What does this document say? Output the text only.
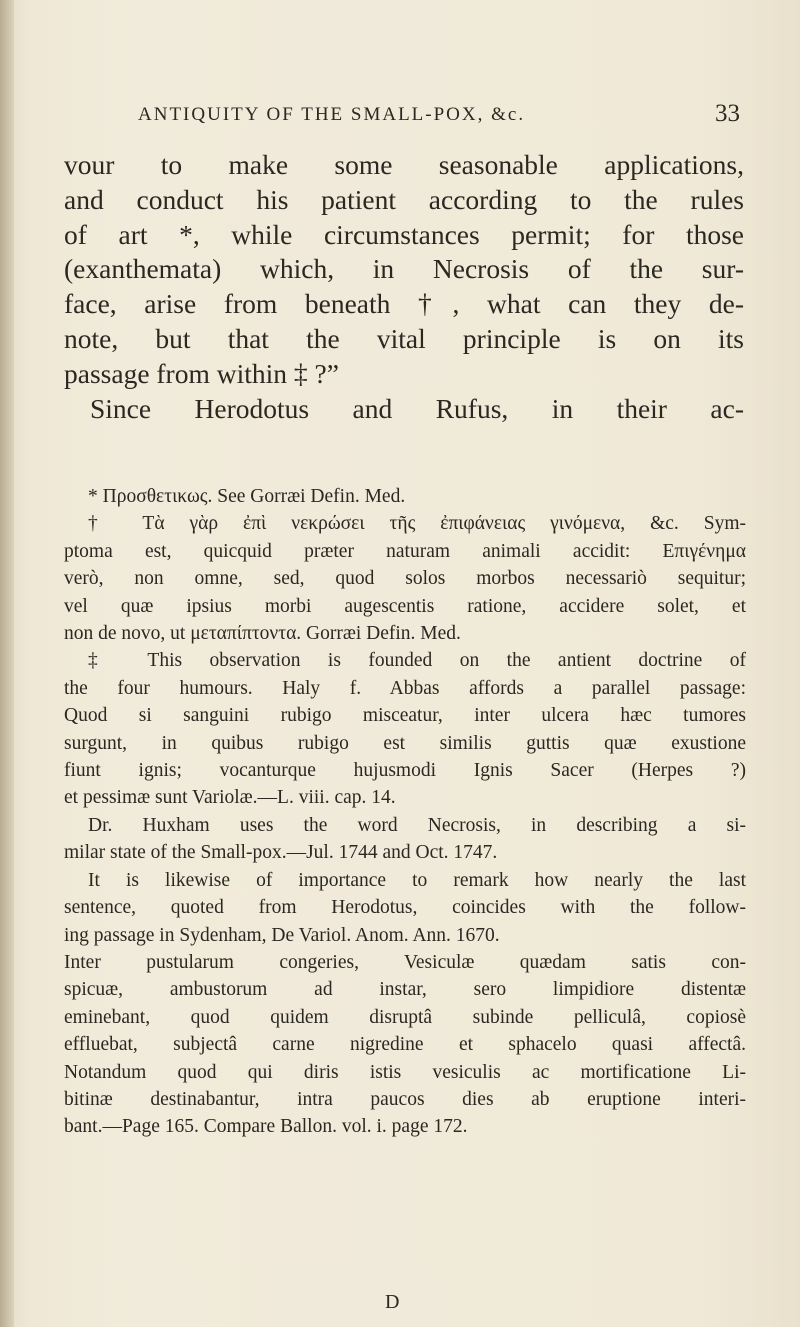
ANTIQUITY OF THE SMALL-POX, &c.	33
vour to make some seasonable applications,
and conduct his patient according to the rules
of art *, while circumstances permit; for those
(exanthemata) which, in Necrosis of the sur-
face, arise from beneath †, what can they de-
note, but that the vital principle is on its
passage from within ‡ ?”
Since Herodotus and Rufus, in their ac-
* Προσθετικως. See Gorræi Defin. Med.
† Τὰ γὰρ ἐπὶ νεκρώσει τῆς ἐπιφάνειας γινόμενα, &c. Sym-
ptoma est, quicquid præter naturam animali accidit: Επιγένημα
verò, non omne, sed, quod solos morbos necessariò sequitur;
vel quæ ipsius morbi augescentis ratione, accidere solet, et
non de novo, ut μεταπίπτοντα. Gorræi Defin. Med.
‡ This observation is founded on the antient doctrine of
the four humours. Haly f. Abbas affords a parallel passage:
Quod si sanguini rubigo misceatur, inter ulcera hæc tumores
surgunt, in quibus rubigo est similis guttis quæ exustione
fiunt ignis; vocanturque hujusmodi Ignis Sacer (Herpes ?)
et pessimæ sunt Variolæ.—L. viii. cap. 14.
Dr. Huxham uses the word Necrosis, in describing a si-
milar state of the Small-pox.—Jul. 1744 and Oct. 1747.
It is likewise of importance to remark how nearly the last
sentence, quoted from Herodotus, coincides with the follow-
ing passage in Sydenham, De Variol. Anom. Ann. 1670.
Inter pustularum congeries, Vesiculæ quædam satis con-
spicuæ, ambustorum ad instar, sero limpidiore distentæ
eminebant, quod quidem disruptâ subinde pelliculâ, copiosè
effluebat, subjectâ carne nigredine et sphacelo quasi affectâ.
Notandum quod qui diris istis vesiculis ac mortificatione Li-
bitinæ destinabantur, intra paucos dies ab eruptione interi-
bant.—Page 165. Compare Ballon. vol. i. page 172.
D
